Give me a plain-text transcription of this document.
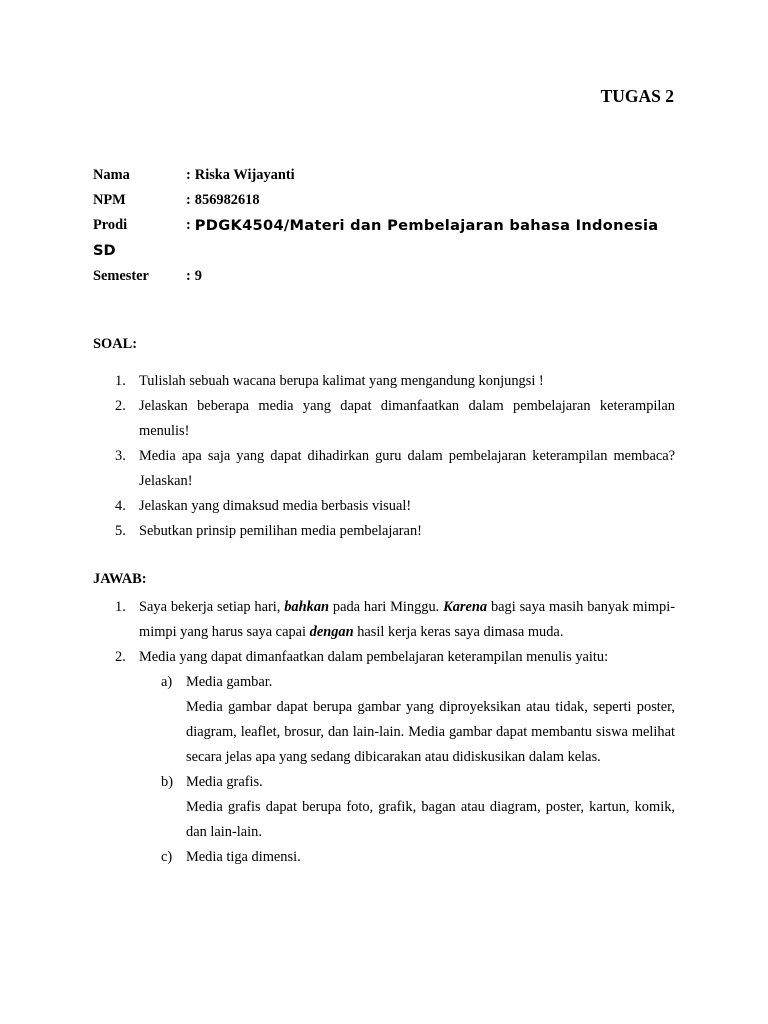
TUGAS 2
Nama	: Riska Wijayanti
NPM	: 856982618
Prodi	: PDGK4504/Materi dan Pembelajaran bahasa Indonesia
SD
Semester	: 9
SOAL:
1. Tulislah sebuah wacana berupa kalimat yang mengandung konjungsi !
2. Jelaskan beberapa media yang dapat dimanfaatkan dalam pembelajaran keterampilan menulis!
3. Media apa saja yang dapat dihadirkan guru dalam pembelajaran keterampilan membaca? Jelaskan!
4. Jelaskan yang dimaksud media berbasis visual!
5. Sebutkan prinsip pemilihan media pembelajaran!
JAWAB:
1. Saya bekerja setiap hari, bahkan pada hari Minggu. Karena bagi saya masih banyak mimpi-mimpi yang harus saya capai dengan hasil kerja keras saya dimasa muda.
2. Media yang dapat dimanfaatkan dalam pembelajaran keterampilan menulis yaitu:
a) Media gambar.
Media gambar dapat berupa gambar yang diproyeksikan atau tidak, seperti poster, diagram, leaflet, brosur, dan lain-lain. Media gambar dapat membantu siswa melihat secara jelas apa yang sedang dibicarakan atau didiskusikan dalam kelas.
b) Media grafis.
Media grafis dapat berupa foto, grafik, bagan atau diagram, poster, kartun, komik, dan lain-lain.
c) Media tiga dimensi.
